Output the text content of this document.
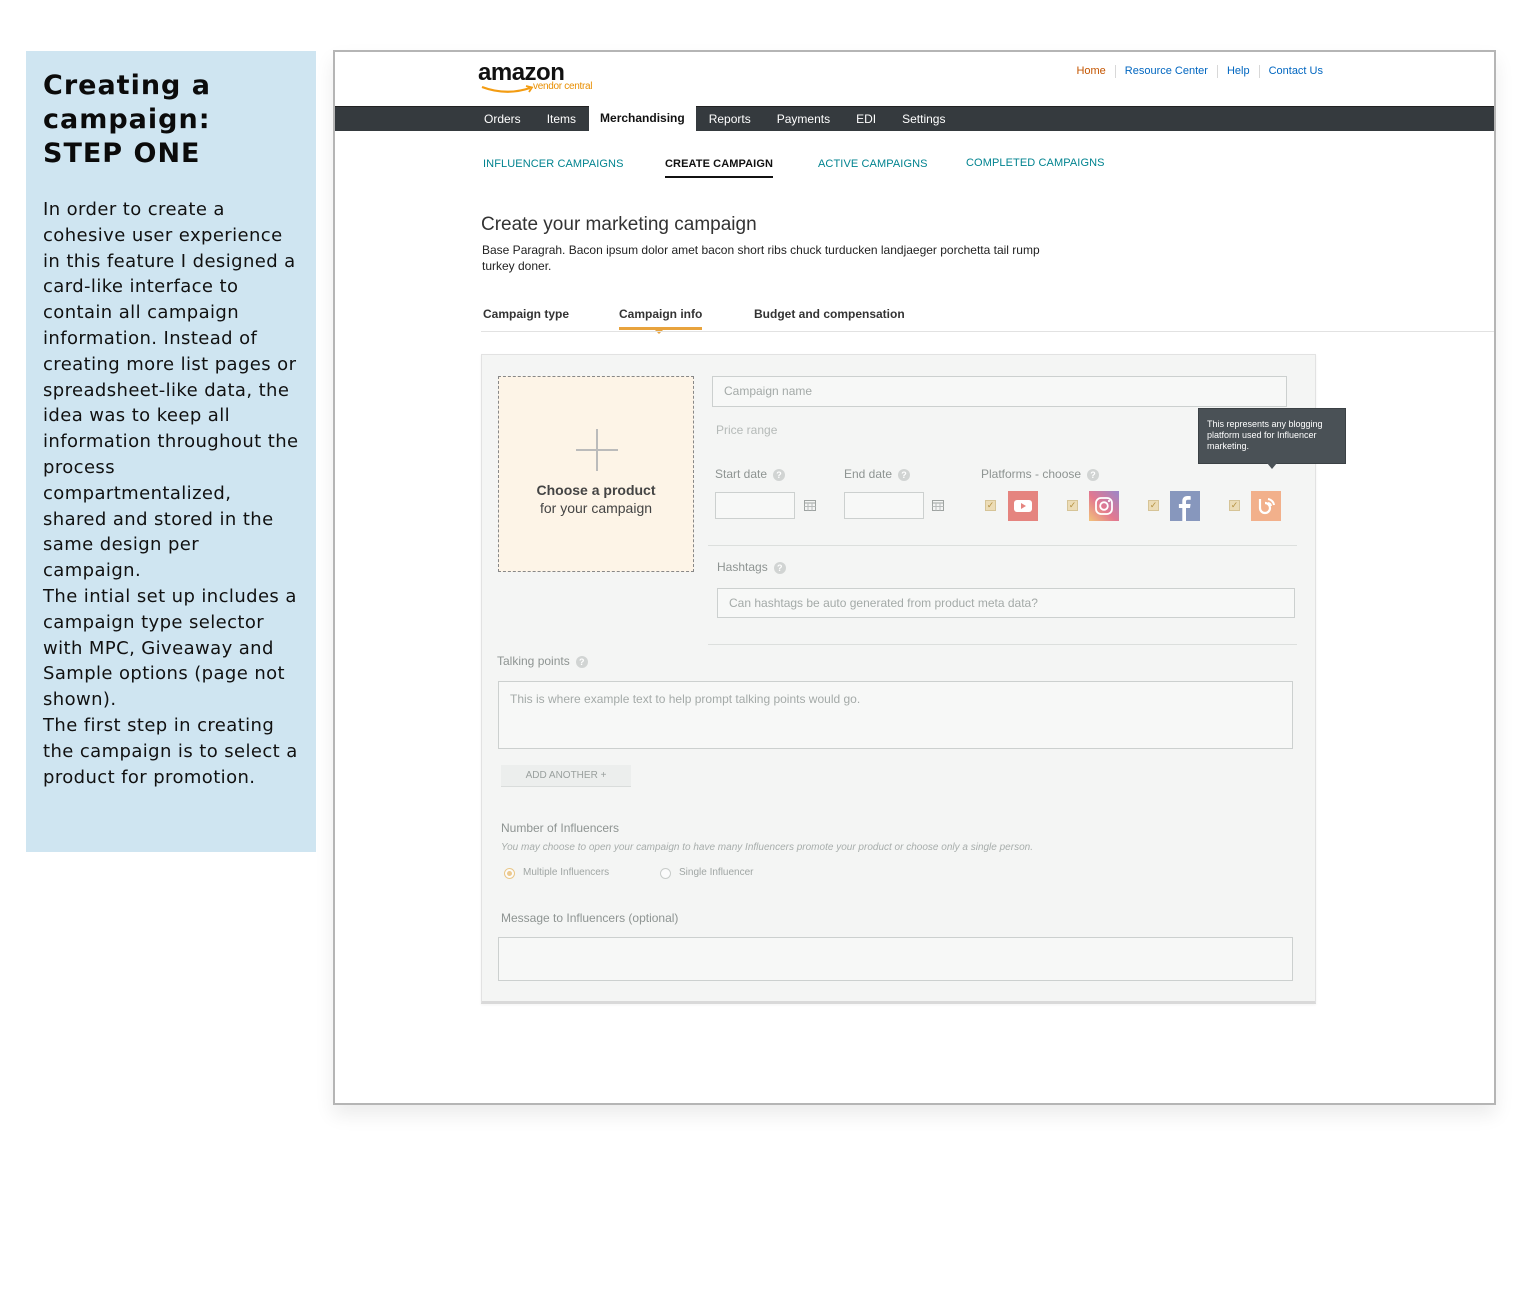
Creating a
campaign:
STEP ONE

In order to create a cohesive user experience in this feature I designed a card-like interface to contain all campaign information. Instead of creating more list pages or spreadsheet-like data, the idea was to keep all information throughout the process compartmentalized, shared and stored in the same design per campaign.

The intial set up includes a campaign type selector with MPC, Giveaway and Sample options (page not shown).

The first step in creating the campaign is to select a product for promotion.

amazon
vendor central
Home	Resource Center	Help	Contact Us
Orders	Items	Merchandising	Reports	Payments	EDI	Settings
INFLUENCER CAMPAIGNS	CREATE CAMPAIGN	ACTIVE CAMPAIGNS	COMPLETED CAMPAIGNS
Create your marketing campaign
Base Paragrah. Bacon ipsum dolor amet bacon short ribs chuck turducken landjaeger porchetta tail rump turkey doner.
Campaign type	Campaign info	Budget and compensation
Choose a product
for your campaign
Campaign name
Price range
Start date ?	End date ?	Platforms - choose ?
✓	✓	✓	✓
This represents any blogging platform used for Influencer marketing.
Hashtags ?
Can hashtags be auto generated from product meta data?
Talking points ?
This is where example text to help prompt talking points would go.
ADD ANOTHER +
Number of Influencers
You may choose to open your campaign to have many Influencers promote your product or choose only a single person.
Multiple Influencers	Single Influencer
Message to Influencers (optional)
